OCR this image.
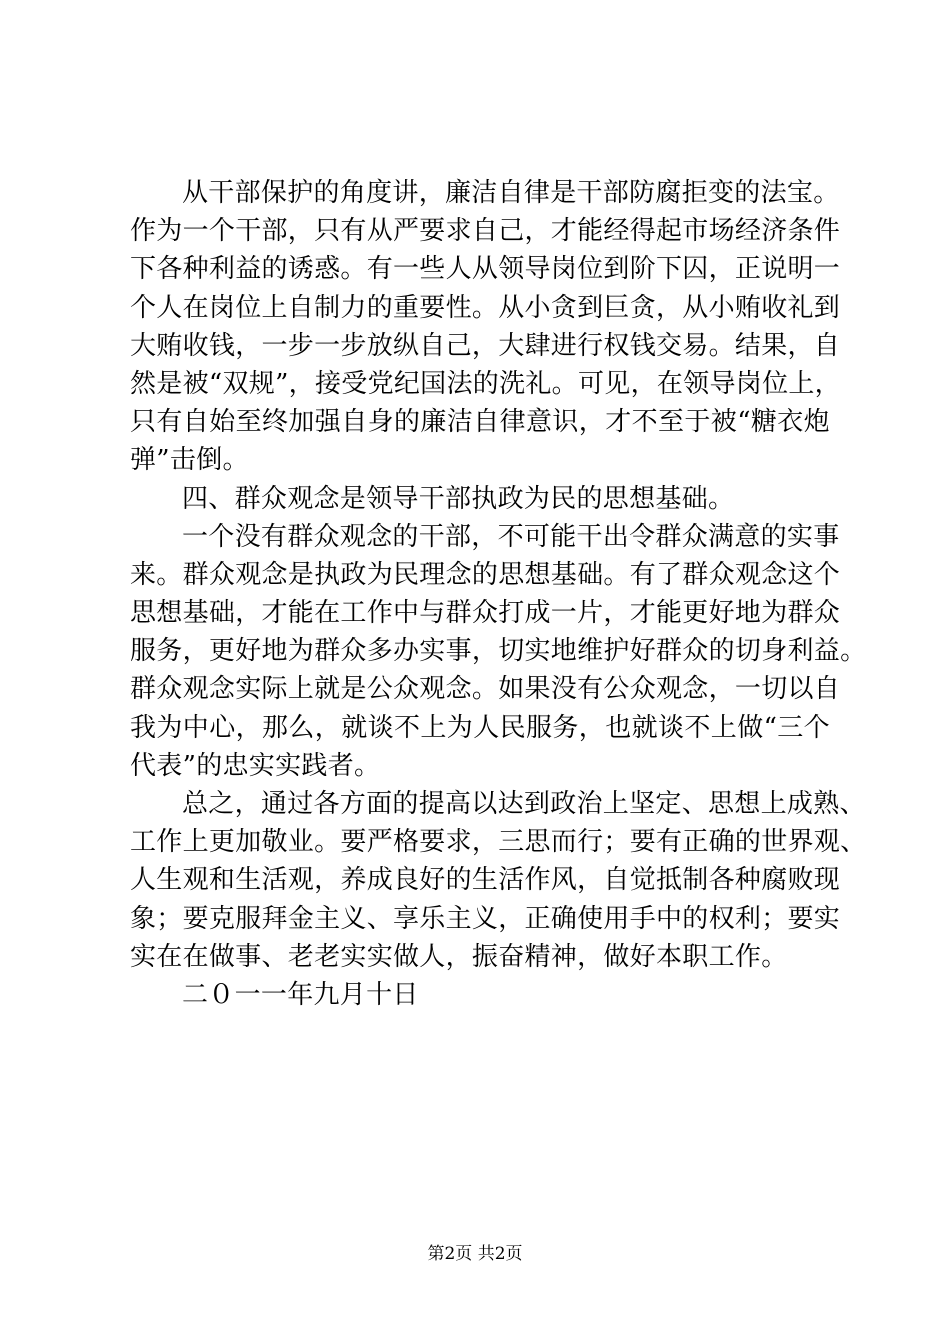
从干部保护的角度讲，廉洁自律是干部防腐拒变的法宝。
作为一个干部，只有从严要求自己，才能经得起市场经济条件
下各种利益的诱惑。有一些人从领导岗位到阶下囚，正说明一
个人在岗位上自制力的重要性。从小贪到巨贪，从小贿收礼到
大贿收钱，一步一步放纵自己，大肆进行权钱交易。结果，自
然是被“双规”，接受党纪国法的洗礼。可见，在领导岗位上，
只有自始至终加强自身的廉洁自律意识，才不至于被“糖衣炮
弹”击倒。
四、群众观念是领导干部执政为民的思想基础。
一个没有群众观念的干部，不可能干出令群众满意的实事
来。群众观念是执政为民理念的思想基础。有了群众观念这个
思想基础，才能在工作中与群众打成一片，才能更好地为群众
服务，更好地为群众多办实事，切实地维护好群众的切身利益。
群众观念实际上就是公众观念。如果没有公众观念，一切以自
我为中心，那么，就谈不上为人民服务，也就谈不上做“三个
代表”的忠实实践者。
总之，通过各方面的提高以达到政治上坚定、思想上成熟、
工作上更加敬业。要严格要求，三思而行；要有正确的世界观、
人生观和生活观，养成良好的生活作风，自觉抵制各种腐败现
象；要克服拜金主义、享乐主义，正确使用手中的权利；要实
实在在做事、老老实实做人，振奋精神，做好本职工作。
二０一一年九月十日
第2页 共2页
